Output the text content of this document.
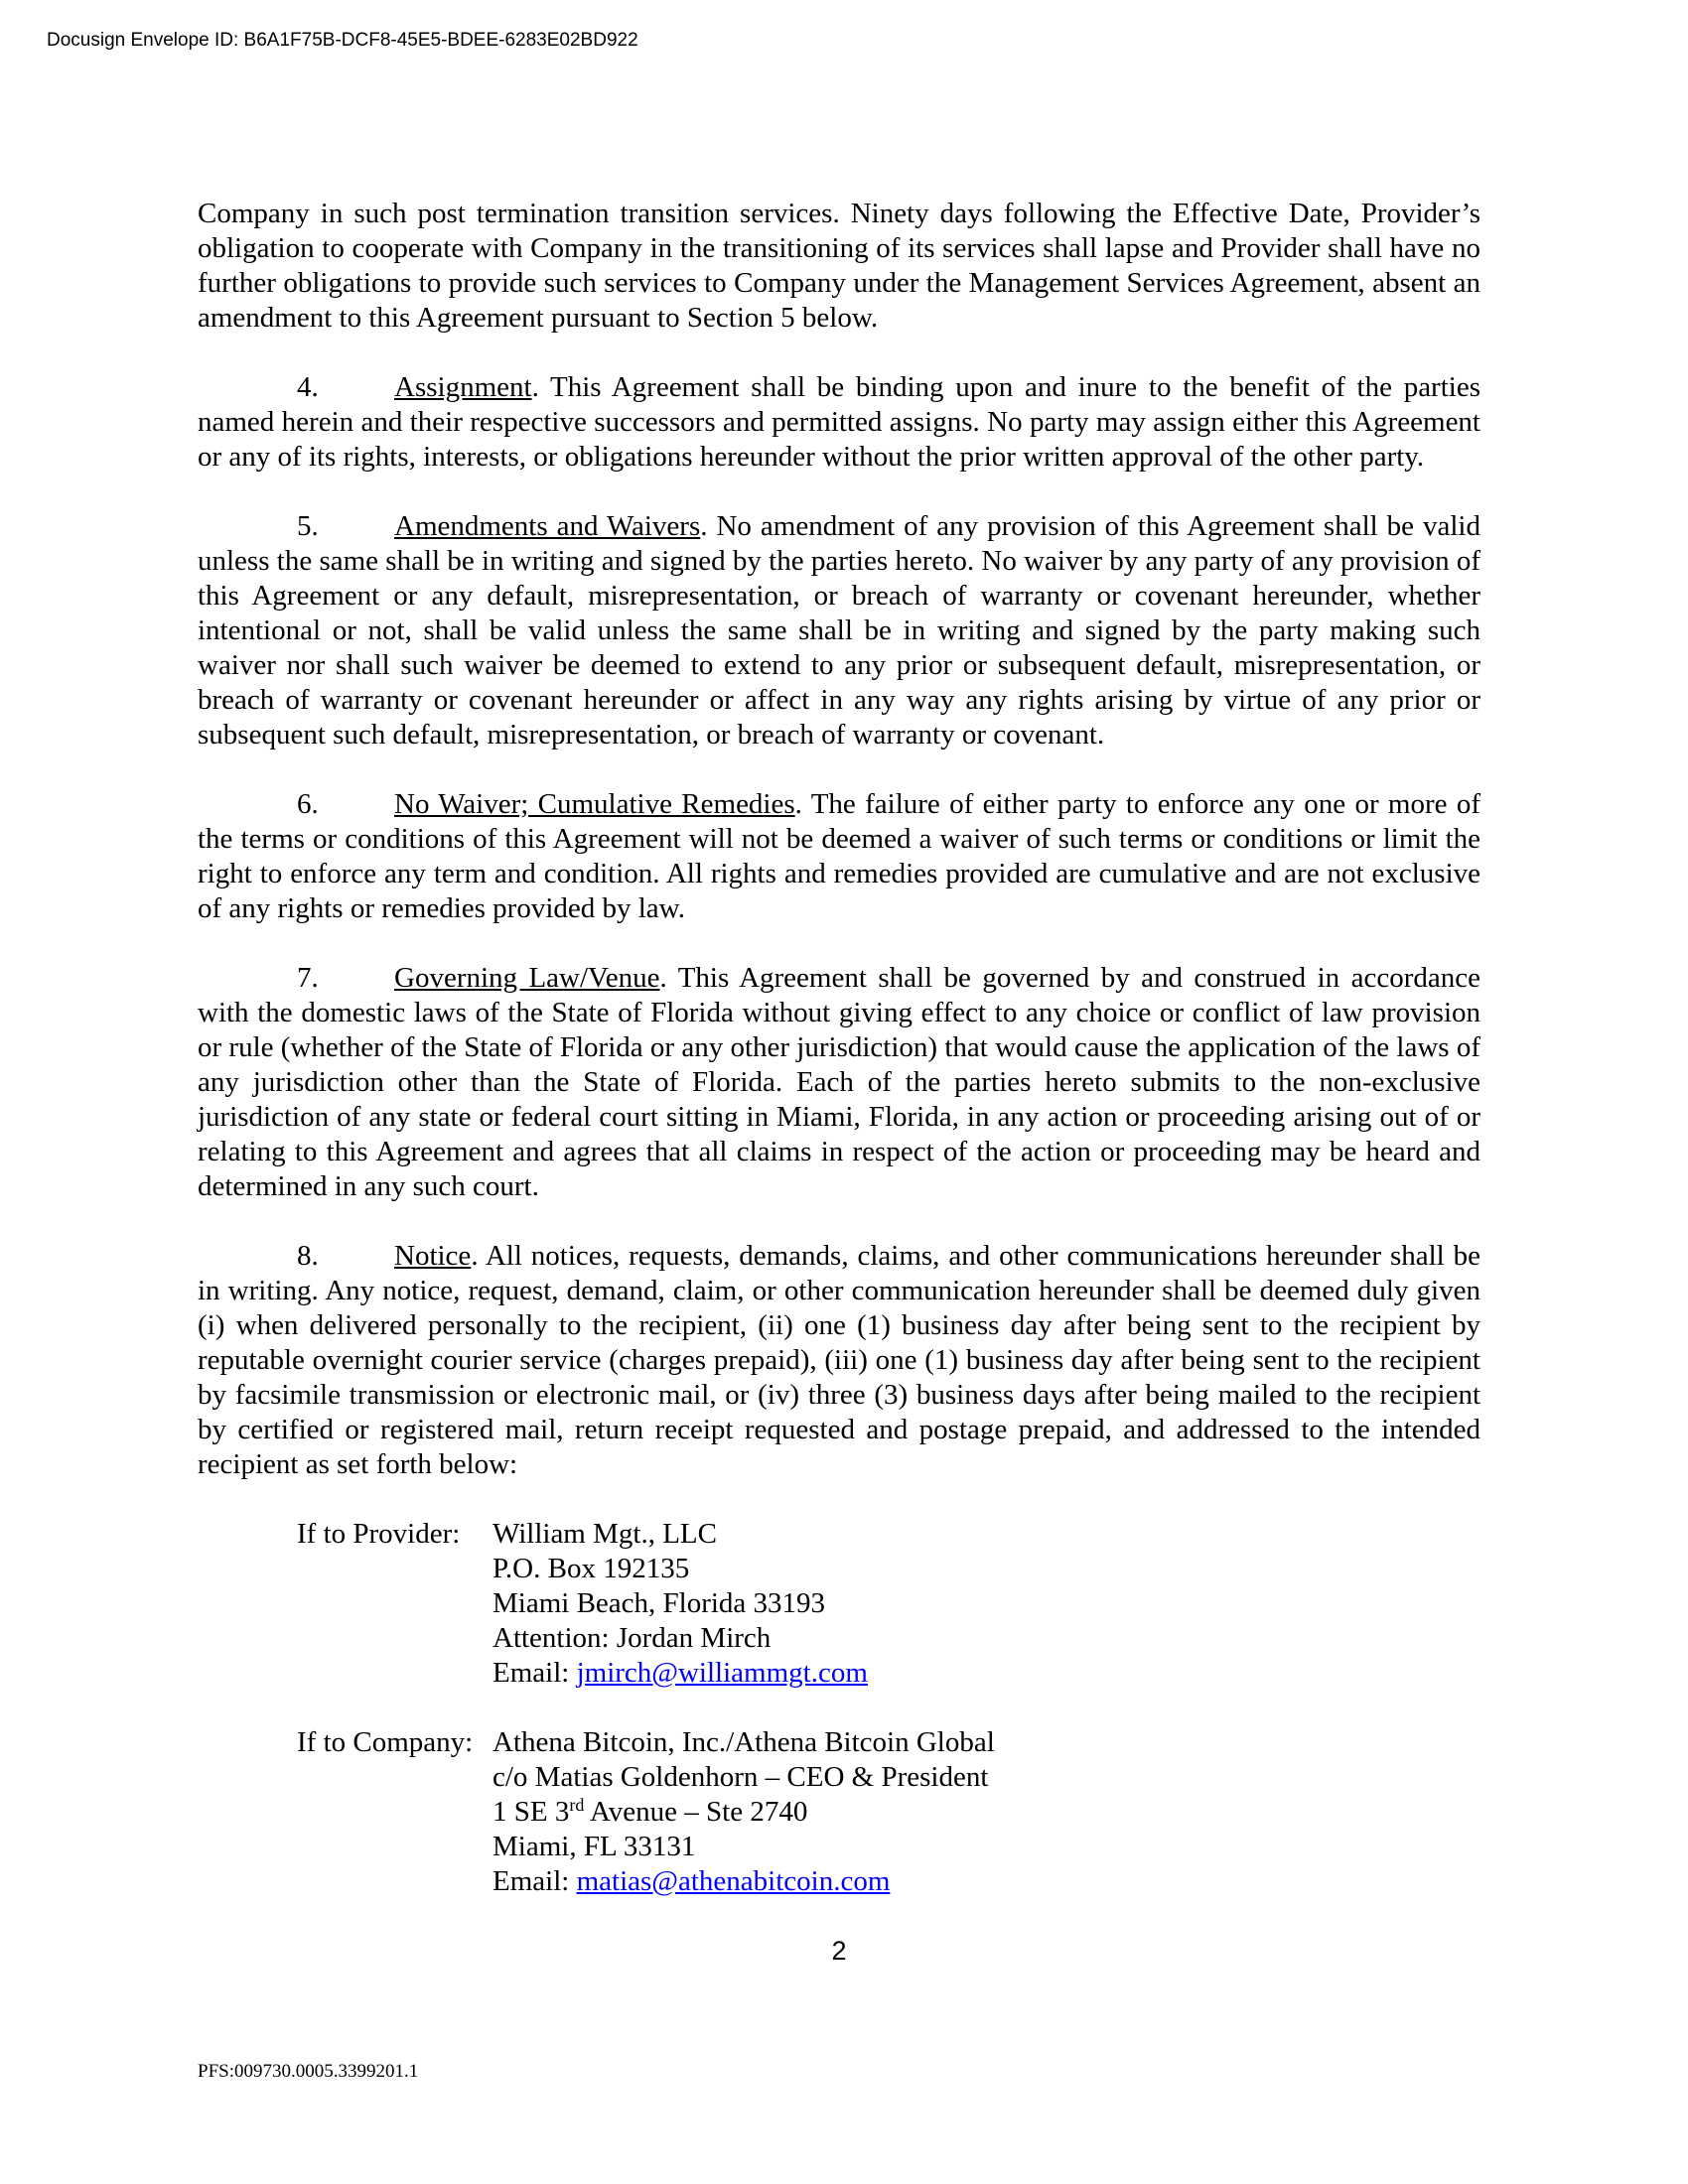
Docusign Envelope ID: B6A1F75B-DCF8-45E5-BDEE-6283E02BD922

Company in such post termination transition services. Ninety days following the Effective Date, Provider’s obligation to cooperate with Company in the transitioning of its services shall lapse and Provider shall have no further obligations to provide such services to Company under the Management Services Agreement, absent an amendment to this Agreement pursuant to Section 5 below.

4.	Assignment. This Agreement shall be binding upon and inure to the benefit of the parties named herein and their respective successors and permitted assigns. No party may assign either this Agreement or any of its rights, interests, or obligations hereunder without the prior written approval of the other party.

5.	Amendments and Waivers. No amendment of any provision of this Agreement shall be valid unless the same shall be in writing and signed by the parties hereto. No waiver by any party of any provision of this Agreement or any default, misrepresentation, or breach of warranty or covenant hereunder, whether intentional or not, shall be valid unless the same shall be in writing and signed by the party making such waiver nor shall such waiver be deemed to extend to any prior or subsequent default, misrepresentation, or breach of warranty or covenant hereunder or affect in any way any rights arising by virtue of any prior or subsequent such default, misrepresentation, or breach of warranty or covenant.

6.	No Waiver; Cumulative Remedies. The failure of either party to enforce any one or more of the terms or conditions of this Agreement will not be deemed a waiver of such terms or conditions or limit the right to enforce any term and condition. All rights and remedies provided are cumulative and are not exclusive of any rights or remedies provided by law.

7.	Governing Law/Venue. This Agreement shall be governed by and construed in accordance with the domestic laws of the State of Florida without giving effect to any choice or conflict of law provision or rule (whether of the State of Florida or any other jurisdiction) that would cause the application of the laws of any jurisdiction other than the State of Florida. Each of the parties hereto submits to the non-exclusive jurisdiction of any state or federal court sitting in Miami, Florida, in any action or proceeding arising out of or relating to this Agreement and agrees that all claims in respect of the action or proceeding may be heard and determined in any such court.

8.	Notice. All notices, requests, demands, claims, and other communications hereunder shall be in writing. Any notice, request, demand, claim, or other communication hereunder shall be deemed duly given (i) when delivered personally to the recipient, (ii) one (1) business day after being sent to the recipient by reputable overnight courier service (charges prepaid), (iii) one (1) business day after being sent to the recipient by facsimile transmission or electronic mail, or (iv) three (3) business days after being mailed to the recipient by certified or registered mail, return receipt requested and postage prepaid, and addressed to the intended recipient as set forth below:

If to Provider:	William Mgt., LLC
P.O. Box 192135
Miami Beach, Florida 33193
Attention: Jordan Mirch
Email: jmirch@williammgt.com
If to Company: Athena Bitcoin, Inc./Athena Bitcoin Global
c/o Matias Goldenhorn – CEO & President
1 SE 3rd Avenue – Ste 2740
Miami, FL 33131
Email: matias@athenabitcoin.com
2
PFS:009730.0005.3399201.1
